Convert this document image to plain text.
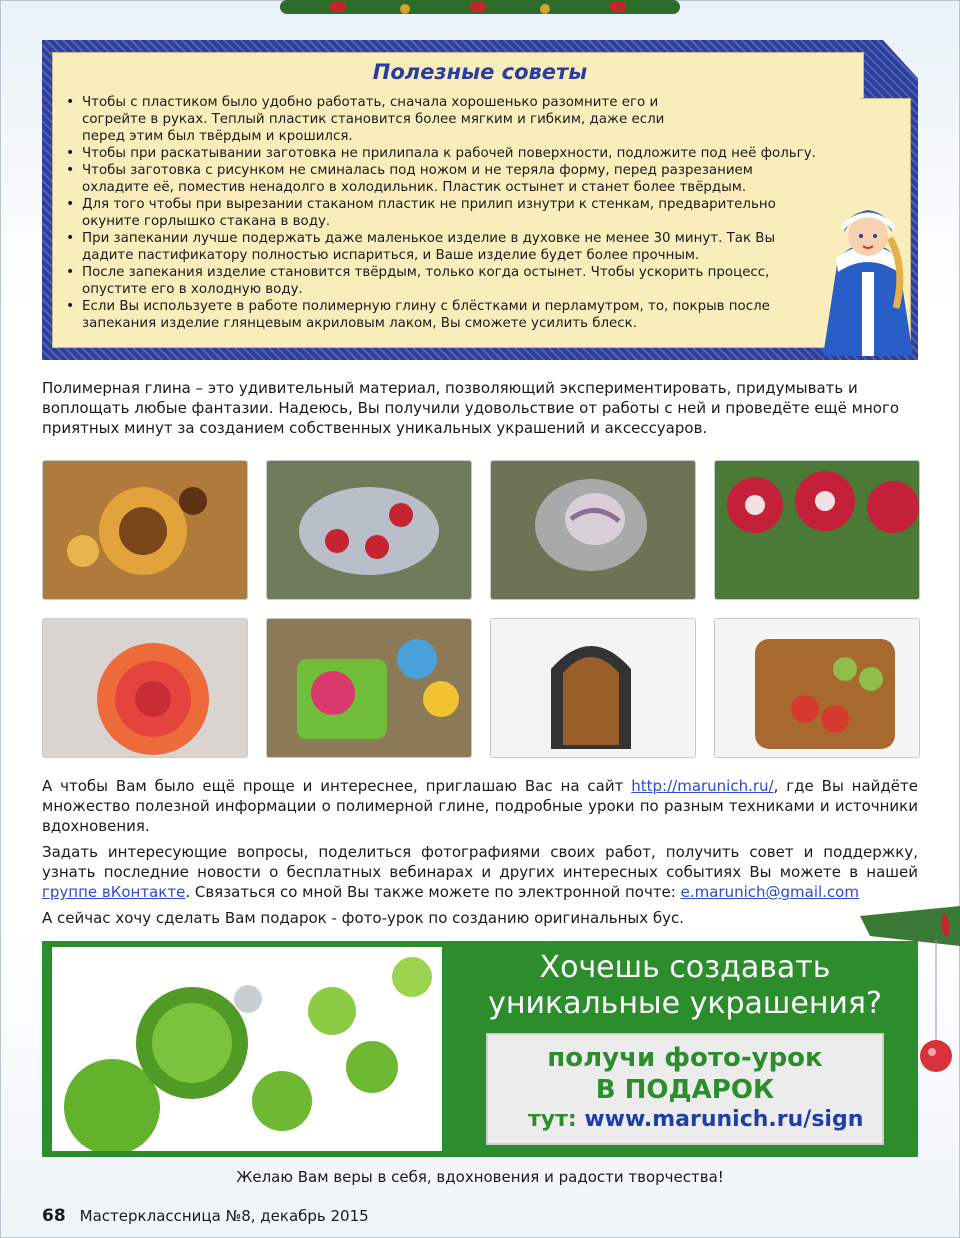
Полезные советы
• Чтобы с пластиком было удобно работать, сначала хорошенько разомните его и согрейте в руках. Теплый пластик становится более мягким и гибким, даже если перед этим был твёрдым и крошился.
• Чтобы при раскатывании заготовка не прилипала к рабочей поверхности, подложите под неё фольгу.
• Чтобы заготовка с рисунком не сминалась под ножом и не теряла форму, перед разрезанием охладите её, поместив ненадолго в холодильник. Пластик остынет и станет более твёрдым.
• Для того чтобы при вырезании стаканом пластик не прилип изнутри к стенкам, предварительно окуните горлышко стакана в воду.
• При запекании лучше подержать даже маленькое изделие в духовке не менее 30 минут. Так Вы дадите пастификатору полностью испариться, и Ваше изделие будет более прочным.
• После запекания изделие становится твёрдым, только когда остынет. Чтобы ускорить процесс, опустите его в холодную воду.
• Если Вы используете в работе полимерную глину с блёстками и перламутром, то, покрыв после запекания изделие глянцевым акриловым лаком, Вы сможете усилить блеск.

Полимерная глина – это удивительный материал, позволяющий экспериментировать, придумывать и воплощать любые фантазии. Надеюсь, Вы получили удовольствие от работы с ней и проведёте ещё много приятных минут за созданием собственных уникальных украшений и аксессуаров.

А чтобы Вам было ещё проще и интереснее, приглашаю Вас на сайт http://marunich.ru/, где Вы найдёте множество полезной информации о полимерной глине, подробные уроки по разным техниками и источники вдохновения.

Задать интересующие вопросы, поделиться фотографиями своих работ, получить совет и поддержку, узнать последние новости о бесплатных вебинарах и других интересных событиях Вы можете в нашей группе вКонтакте. Связаться со мной Вы также можете по электронной почте: e.marunich@gmail.com

А сейчас хочу сделать Вам подарок - фото-урок по созданию оригинальных бус.

Хочешь создавать
уникальные украшения?
получи фото-урок
В ПОДАРОК
тут: www.marunich.ru/sign
Желаю Вам веры в себя, вдохновения и радости творчества!
68 Мастерклассница №8, декабрь 2015
